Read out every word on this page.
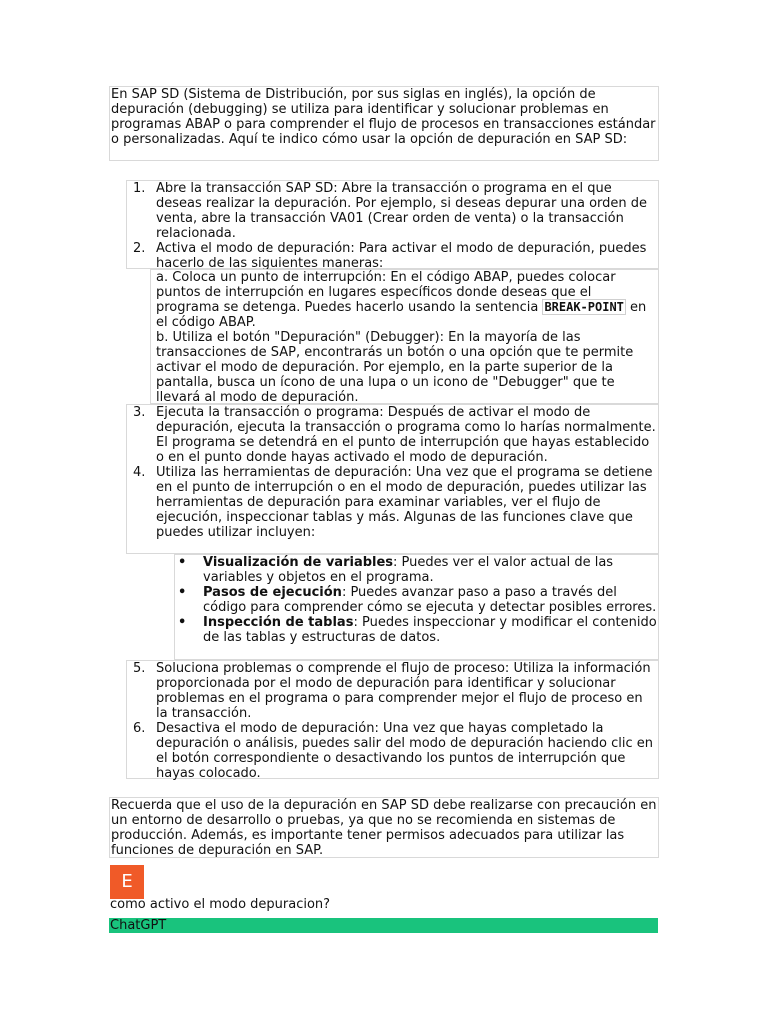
En SAP SD (Sistema de Distribución, por sus siglas en inglés), la opción de depuración (debugging) se utiliza para identificar y solucionar problemas en programas ABAP o para comprender el flujo de procesos en transacciones estándar o personalizadas. Aquí te indico cómo usar la opción de depuración en SAP SD:

1. Abre la transacción SAP SD: Abre la transacción o programa en el que deseas realizar la depuración. Por ejemplo, si deseas depurar una orden de venta, abre la transacción VA01 (Crear orden de venta) o la transacción relacionada.
2. Activa el modo de depuración: Para activar el modo de depuración, puedes hacerlo de las siguientes maneras:
a. Coloca un punto de interrupción: En el código ABAP, puedes colocar puntos de interrupción en lugares específicos donde deseas que el programa se detenga. Puedes hacerlo usando la sentencia BREAK-POINT en el código ABAP.
b. Utiliza el botón "Depuración" (Debugger): En la mayoría de las transacciones de SAP, encontrarás un botón o una opción que te permite activar el modo de depuración. Por ejemplo, en la parte superior de la pantalla, busca un ícono de una lupa o un icono de "Debugger" que te llevará al modo de depuración.
3. Ejecuta la transacción o programa: Después de activar el modo de depuración, ejecuta la transacción o programa como lo harías normalmente. El programa se detendrá en el punto de interrupción que hayas establecido o en el punto donde hayas activado el modo de depuración.
4. Utiliza las herramientas de depuración: Una vez que el programa se detiene en el punto de interrupción o en el modo de depuración, puedes utilizar las herramientas de depuración para examinar variables, ver el flujo de ejecución, inspeccionar tablas y más. Algunas de las funciones clave que puedes utilizar incluyen:
• Visualización de variables: Puedes ver el valor actual de las variables y objetos en el programa.
• Pasos de ejecución: Puedes avanzar paso a paso a través del código para comprender cómo se ejecuta y detectar posibles errores.
• Inspección de tablas: Puedes inspeccionar y modificar el contenido de las tablas y estructuras de datos.
5. Soluciona problemas o comprende el flujo de proceso: Utiliza la información proporcionada por el modo de depuración para identificar y solucionar problemas en el programa o para comprender mejor el flujo de proceso en la transacción.
6. Desactiva el modo de depuración: Una vez que hayas completado la depuración o análisis, puedes salir del modo de depuración haciendo clic en el botón correspondiente o desactivando los puntos de interrupción que hayas colocado.

Recuerda que el uso de la depuración en SAP SD debe realizarse con precaución en un entorno de desarrollo o pruebas, ya que no se recomienda en sistemas de producción. Además, es importante tener permisos adecuados para utilizar las funciones de depuración en SAP.

E
como activo el modo depuracion?
ChatGPT
